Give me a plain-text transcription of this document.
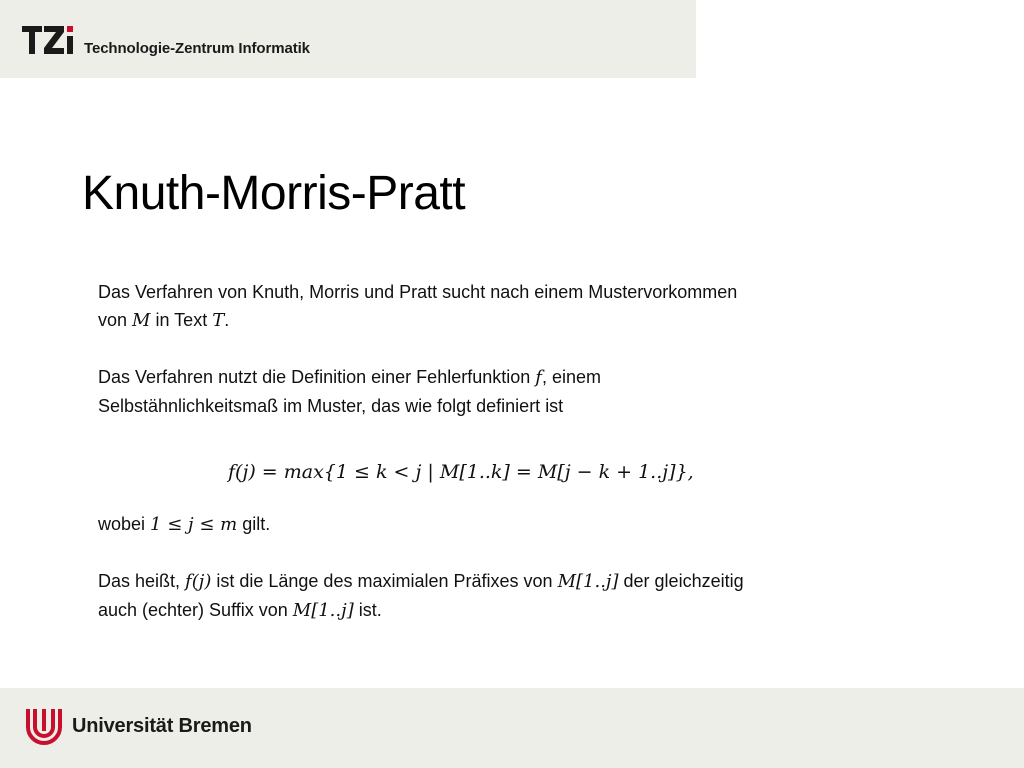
Technologie-Zentrum Informatik
Knuth-Morris-Pratt

Das Verfahren von Knuth, Morris und Pratt sucht nach einem Mustervorkommen
von M in Text T.

Das Verfahren nutzt die Definition einer Fehlerfunktion f, einem
Selbstähnlichkeitsmaß im Muster, das wie folgt definiert ist

f(j) = max{1 ≤ k < j | M[1..k] = M[j − k + 1..j]},

wobei 1 ≤ j ≤ m gilt.

Das heißt, f(j) ist die Länge des maximialen Präfixes von M[1..j] der gleichzeitig
auch (echter) Suffix von M[1..j] ist.

Universität Bremen
